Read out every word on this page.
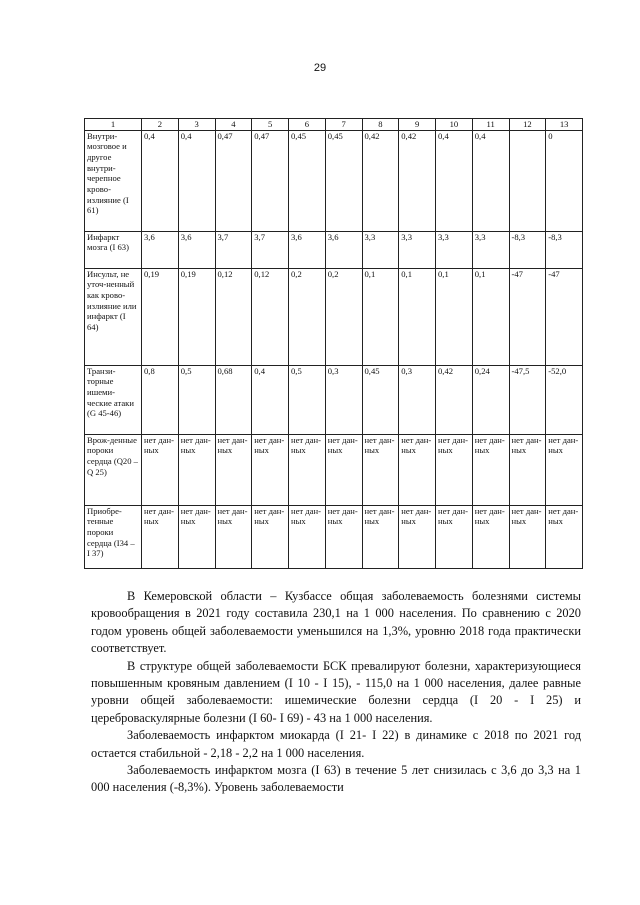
29
1	2	3	4	5	6	7	8	9	10	11	12	13
Внутри-мозговое и другое внутри-черепное крово-излияние (I 61)	0,4	0,4	0,47	0,47	0,45	0,45	0,42	0,42	0,4	0,4		0
Инфаркт мозга (I 63)	3,6	3,6	3,7	3,7	3,6	3,6	3,3	3,3	3,3	3,3	-8,3	-8,3
Инсульт, не уточ-ненный как крово-излияние или инфаркт (I 64)	0,19	0,19	0,12	0,12	0,2	0,2	0,1	0,1	0,1	0,1	-47	-47
Транзи-торные ишеми-ческие атаки (G 45-46)	0,8	0,5	0,68	0,4	0,5	0,3	0,45	0,3	0,42	0,24	-47,5	-52,0
Врож-денные пороки сердца (Q20 – Q 25)	нет дан-ных	нет дан-ных	нет дан-ных	нет дан-ных	нет дан-ных	нет дан-ных	нет дан-ных	нет дан-ных	нет дан-ных	нет дан-ных	нет дан-ных	нет дан-ных
Приобре-тенные пороки сердца (I34 – I 37)	нет дан-ных	нет дан-ных	нет дан-ных	нет дан-ных	нет дан-ных	нет дан-ных	нет дан-ных	нет дан-ных	нет дан-ных	нет дан-ных	нет дан-ных	нет дан-ных

В Кемеровской области – Кузбассе общая заболеваемость болезнями системы кровообращения в 2021 году составила 230,1 на 1 000 населения. По сравнению с 2020 годом уровень общей заболеваемости уменьшился на 1,3%, уровню 2018 года практически соответствует.

В структуре общей заболеваемости БСК превалируют болезни, характеризующиеся повышенным кровяным давлением (I 10 - I 15), - 115,0 на 1 000 населения, далее равные уровни общей заболеваемости: ишемические болезни сердца (I 20 - I 25) и цереброваскулярные болезни (I 60- I 69) - 43 на 1 000 населения.

Заболеваемость инфарктом миокарда (I 21- I 22) в динамике с 2018 по 2021 год остается стабильной - 2,18 - 2,2 на 1 000 населения.

Заболеваемость инфарктом мозга (I 63) в течение 5 лет снизилась с 3,6 до 3,3 на 1 000 населения (-8,3%). Уровень заболеваемости
